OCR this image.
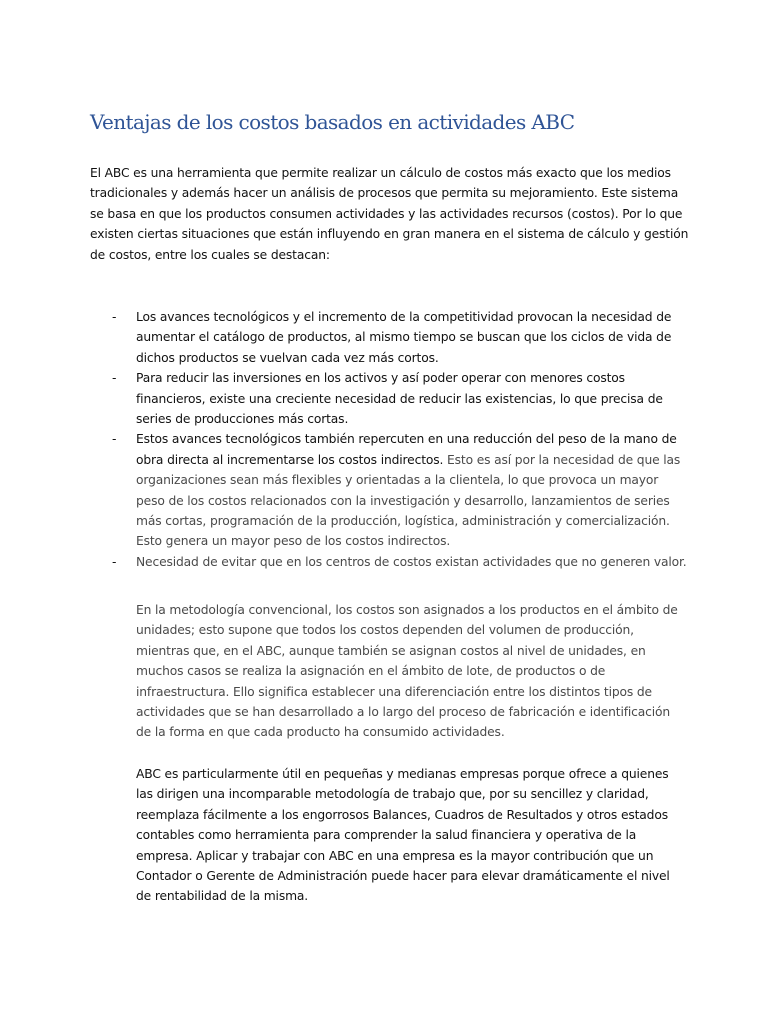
Ventajas de los costos basados en actividades ABC

El ABC es una herramienta que permite realizar un cálculo de costos más exacto que los medios tradicionales y además hacer un análisis de procesos que permita su mejoramiento. Este sistema se basa en que los productos consumen actividades y las actividades recursos (costos). Por lo que existen ciertas situaciones que están influyendo en gran manera en el sistema de cálculo y gestión de costos, entre los cuales se destacan:

- Los avances tecnológicos y el incremento de la competitividad provocan la necesidad de aumentar el catálogo de productos, al mismo tiempo se buscan que los ciclos de vida de dichos productos se vuelvan cada vez más cortos.
- Para reducir las inversiones en los activos y así poder operar con menores costos financieros, existe una creciente necesidad de reducir las existencias, lo que precisa de series de producciones más cortas.
- Estos avances tecnológicos también repercuten en una reducción del peso de la mano de obra directa al incrementarse los costos indirectos. Esto es así por la necesidad de que las organizaciones sean más flexibles y orientadas a la clientela, lo que provoca un mayor peso de los costos relacionados con la investigación y desarrollo, lanzamientos de series más cortas, programación de la producción, logística, administración y comercialización. Esto genera un mayor peso de los costos indirectos.
- Necesidad de evitar que en los centros de costos existan actividades que no generen valor.

En la metodología convencional, los costos son asignados a los productos en el ámbito de unidades; esto supone que todos los costos dependen del volumen de producción, mientras que, en el ABC, aunque también se asignan costos al nivel de unidades, en muchos casos se realiza la asignación en el ámbito de lote, de productos o de infraestructura. Ello significa establecer una diferenciación entre los distintos tipos de actividades que se han desarrollado a lo largo del proceso de fabricación e identificación de la forma en que cada producto ha consumido actividades.

ABC es particularmente útil en pequeñas y medianas empresas porque ofrece a quienes las dirigen una incomparable metodología de trabajo que, por su sencillez y claridad, reemplaza fácilmente a los engorrosos Balances, Cuadros de Resultados y otros estados contables como herramienta para comprender la salud financiera y operativa de la empresa. Aplicar y trabajar con ABC en una empresa es la mayor contribución que un Contador o Gerente de Administración puede hacer para elevar dramáticamente el nivel de rentabilidad de la misma.
